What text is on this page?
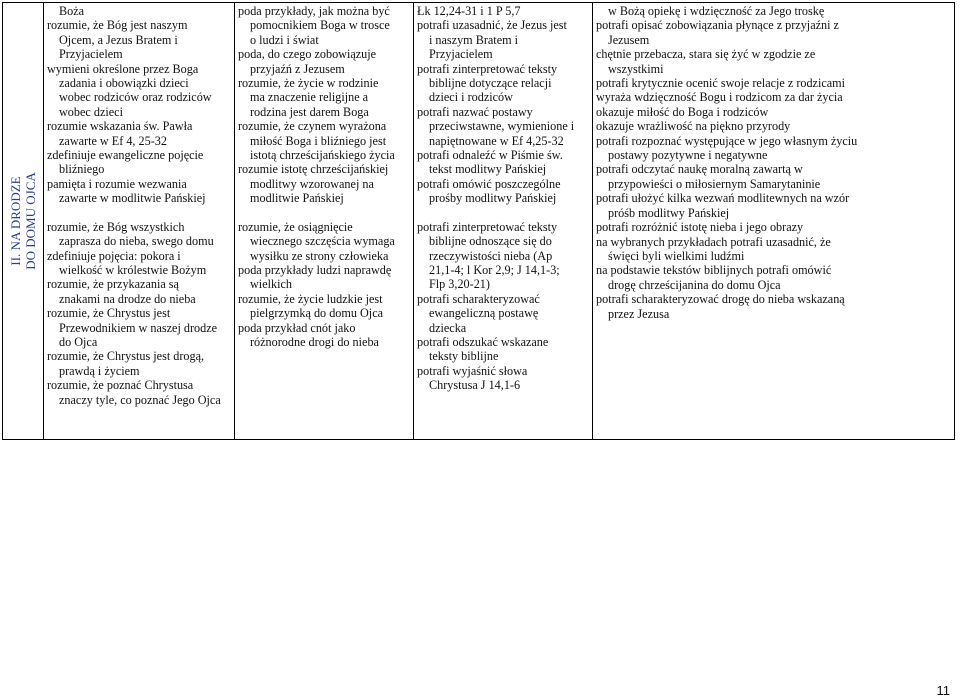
II. NA DRODZE DO DOMU OJCA

Boża
rozumie, że Bóg jest naszym
Ojcem, a Jezus Bratem i
Przyjacielem
wymieni określone przez Boga
zadania i obowiązki dzieci
wobec rodziców oraz rodziców
wobec dzieci
rozumie wskazania św. Pawła
zawarte w Ef 4, 25-32
zdefiniuje ewangeliczne pojęcie
bliźniego
pamięta i rozumie wezwania
zawarte w modlitwie Pańskiej
rozumie, że Bóg wszystkich
zaprasza do nieba, swego domu
zdefiniuje pojęcia: pokora i
wielkość w królestwie Bożym
rozumie, że przykazania są
znakami na drodze do nieba
rozumie, że Chrystus jest
Przewodnikiem w naszej drodze
do Ojca
rozumie, że Chrystus jest drogą,
prawdą i życiem
rozumie, że poznać Chrystusa
znaczy tyle, co poznać Jego Ojca

poda przykłady, jak można być
pomocnikiem Boga w trosce
o ludzi i świat
poda, do czego zobowiązuje
przyjaźń z Jezusem
rozumie, że życie w rodzinie
ma znaczenie religijne a
rodzina jest darem Boga
rozumie, że czynem wyrażona
miłość Boga i bliźniego jest
istotą chrześcijańskiego życia
rozumie istotę chrześcijańskiej
modlitwy wzorowanej na
modlitwie Pańskiej
rozumie, że osiągnięcie
wiecznego szczęścia wymaga
wysiłku ze strony człowieka
poda przykłady ludzi naprawdę
wielkich
rozumie, że życie ludzkie jest
pielgrzymką do domu Ojca
poda przykład cnót jako
różnorodne drogi do nieba

Łk 12,24-31 i 1 P 5,7
potrafi uzasadnić, że Jezus jest
i naszym Bratem i
Przyjacielem
potrafi zinterpretować teksty
biblijne dotyczące relacji
dzieci i rodziców
potrafi nazwać postawy
przeciwstawne, wymienione i
napiętnowane w Ef 4,25-32
potrafi odnaleźć w Piśmie św.
tekst modlitwy Pańskiej
potrafi omówić poszczególne
prośby modlitwy Pańskiej
potrafi zinterpretować teksty
biblijne odnoszące się do
rzeczywistości nieba (Ap
21,1-4; l Kor 2,9; J 14,1-3;
Flp 3,20-21)
potrafi scharakteryzować
ewangeliczną postawę
dziecka
potrafi odszukać wskazane
teksty biblijne
potrafi wyjaśnić słowa
Chrystusa J 14,1-6

w Bożą opiekę i wdzięczność za Jego troskę
potrafi opisać zobowiązania płynące z przyjaźni z
Jezusem
chętnie przebacza, stara się żyć w zgodzie ze
wszystkimi
potrafi krytycznie ocenić swoje relacje z rodzicami
wyraża wdzięczność Bogu i rodzicom za dar życia
okazuje miłość do Boga i rodziców
okazuje wrażliwość na piękno przyrody
potrafi rozpoznać występujące w jego własnym życiu
postawy pozytywne i negatywne
potrafi odczytać naukę moralną zawartą w
przypowieści o miłosiernym Samarytaninie
potrafi ułożyć kilka wezwań modlitewnych na wzór
próśb modlitwy Pańskiej
potrafi rozróżnić istotę nieba i jego obrazy
na wybranych przykładach potrafi uzasadnić, że
święci byli wielkimi ludźmi
na podstawie tekstów biblijnych potrafi omówić
drogę chrześcijanina do domu Ojca
potrafi scharakteryzować drogę do nieba wskazaną
przez Jezusa
11
